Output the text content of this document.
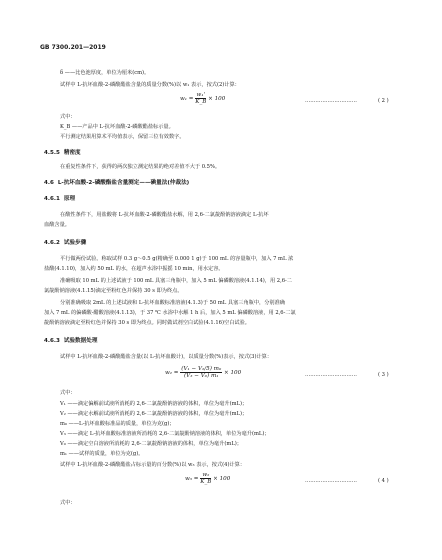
GB 7300.201—2019
δ ——比色池厚度，单位为厘米(cm)。
试样中 L-抗坏血酸-2-磷酸酯盐含量的质量分数(%)以 w₁ 表示，按式(2)计算：
$w_1 = \frac{\text{w₁'}}{K\_B} \times 100$	…………………………	( 2 )
式中：
K_B ——产品中 L-抗坏血酸-2-磷酸酯盐标示量。
平行测定结果用算术平均值表示，保留三位有效数字。
4.5.5 精密度
在重复性条件下，获得的两次独立测定结果的绝对差值不大于 0.5%。
4.6 L-抗坏血酸-2-磷酸酯盐含量测定——碘量法(仲裁法)
4.6.1 原理
在酸性条件下，用盐酸将 L-抗坏血酸-2-磷酸酯盐水解，用 2,6-二氯靛酚钠溶液滴定 L-抗坏
血酸含量。
4.6.2 试验步骤
平行做两份试验。称取试样 0.3 g～0.5 g(精确至 0.000 1 g)于 100 mL 的容量瓶中，加入 7 mL 浓
盐酸(4.1.10)，加入约 50 mL 的水，在超声水浴中振摇 10 min，用水定容。
准确吸取 10 mL 的上述试液于 100 mL 具塞三角瓶中，加入 5 mL 偏磷酸溶液(4.1.14)，用 2,6-二
氯靛酚钠溶液(4.1.15)滴定至粉红色并保持 30 s 即为终点。
分别准确吸取 2mL 的上述试液和 L-抗坏血酸标准溶液(4.1.3)于 50 mL 具塞三角瓶中，分别准确
加入 7 mL 的偏磷酸-醋酸溶液(4.1.13)，于 37 ℃ 水浴中水解 1 h 后，加入 5 mL 偏磷酸溶液，用 2,6-二氯
靛酚钠溶液滴定至粉红色并保持 30 s 即为终点。同时做试剂空白试验(4.1.16)空白试验。
4.6.3 试验数据处理
试样中 L-抗坏血酸-2-磷酸酯盐含量(以 L-抗坏血酸计)，以质量分数(%)表示，按式(3)计算：
$w_2 = \frac{\text{(V₁ − V₂/5) m₀}}{\text{(V₃ − V₀) m₁}} \times 100$	…………………………	( 3 )
式中：
V₁ ——滴定偏解前试液所消耗的 2,6-二氯靛酚钠溶液的体积，单位为毫升(mL)；
V₂ ——滴定水解前试液所消耗的 2,6-二氯靛酚钠溶液的体积，单位为毫升(mL)；
m₀ ——L-抗坏血酸标准品的质量，单位为克(g)；
V₃ ——滴定 L-抗坏血酸标准溶液所消耗的 2,6-二氯靛酚钠溶液的体积，单位为毫升(mL)；
V₀ ——滴定空白溶液所消耗的 2,6-二氯靛酚钠溶液的体积，单位为毫升(mL)；
m₁ ——试样的质量，单位为克(g)。
试样中 L-抗坏血酸-2-磷酸酯盐占标示量的百分数(%)以 w₃ 表示，按式(4)计算：
$w_3 = \frac{\text{w₂}}{K\_B} \times 100$	…………………………	( 4 )
式中：
